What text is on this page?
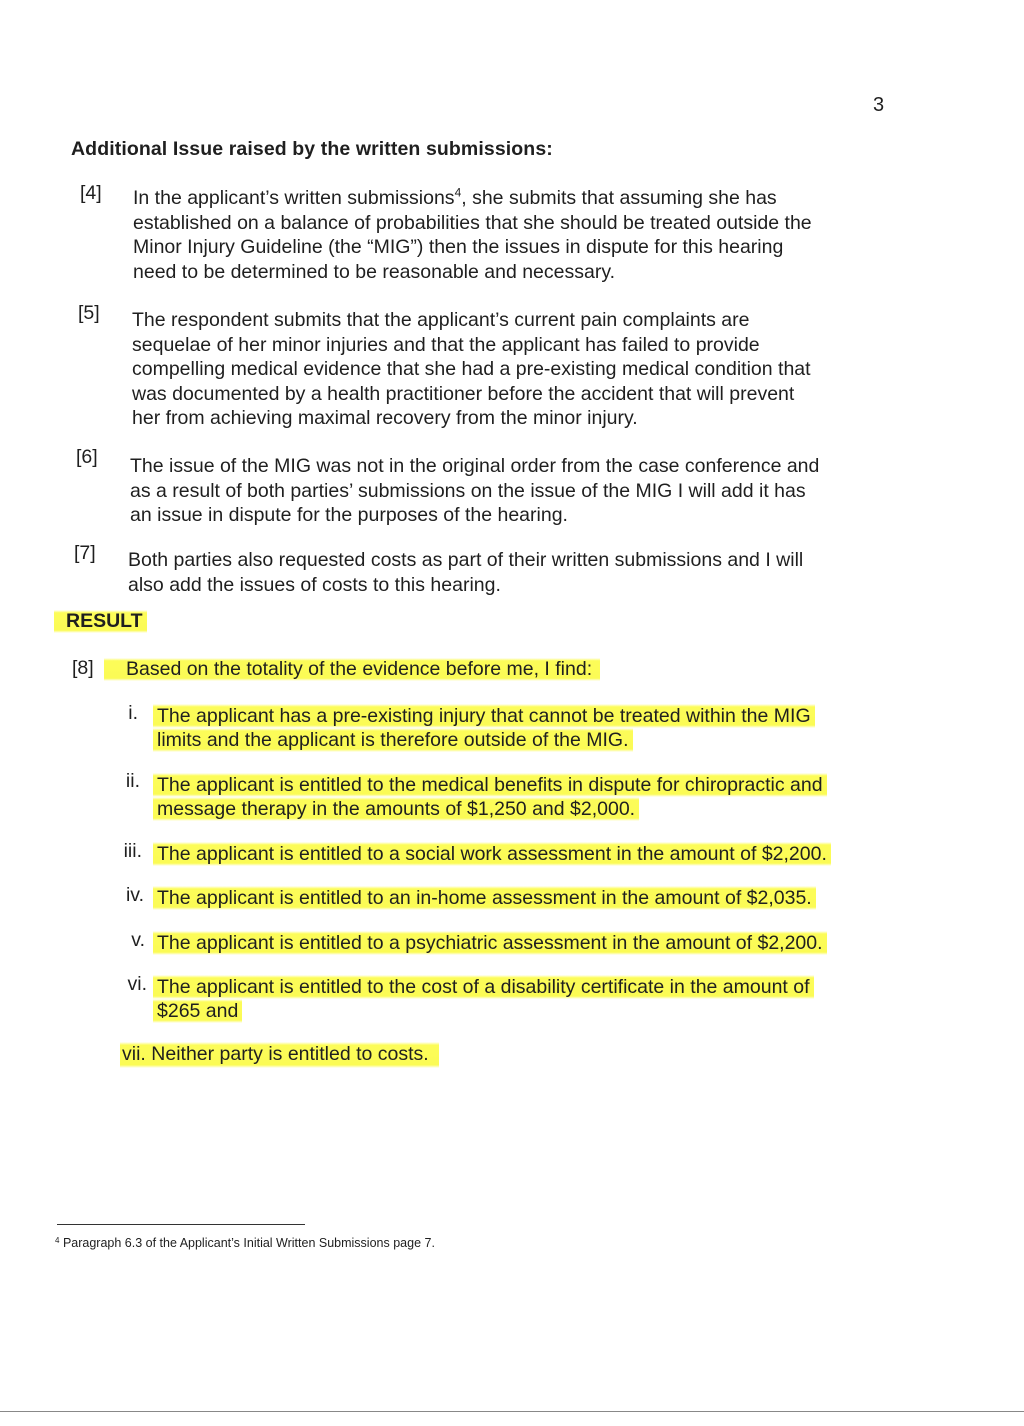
3
Additional Issue raised by the written submissions:
[4] In the applicant’s written submissions$^4$, she submits that assuming she has
established on a balance of probabilities that she should be treated outside the
Minor Injury Guideline (the “MIG”) then the issues in dispute for this hearing
need to be determined to be reasonable and necessary.
[5] The respondent submits that the applicant’s current pain complaints are
sequelae of her minor injuries and that the applicant has failed to provide
compelling medical evidence that she had a pre-existing medical condition that
was documented by a health practitioner before the accident that will prevent
her from achieving maximal recovery from the minor injury.
[6] The issue of the MIG was not in the original order from the case conference and
as a result of both parties’ submissions on the issue of the MIG I will add it has
an issue in dispute for the purposes of the hearing.
[7] Both parties also requested costs as part of their written submissions and I will
also add the issues of costs to this hearing.
RESULT
[8]	Based on the totality of the evidence before me, I find:
i. The applicant has a pre-existing injury that cannot be treated within the MIG
limits and the applicant is therefore outside of the MIG.
ii. The applicant is entitled to the medical benefits in dispute for chiropractic and
message therapy in the amounts of $1,250 and $2,000.
iii. The applicant is entitled to a social work assessment in the amount of $2,200.
iv. The applicant is entitled to an in-home assessment in the amount of $2,035.
v. The applicant is entitled to a psychiatric assessment in the amount of $2,200.
vi. The applicant is entitled to the cost of a disability certificate in the amount of
$265 and
vii. Neither party is entitled to costs.
$^4$ Paragraph 6.3 of the Applicant’s Initial Written Submissions page 7.
